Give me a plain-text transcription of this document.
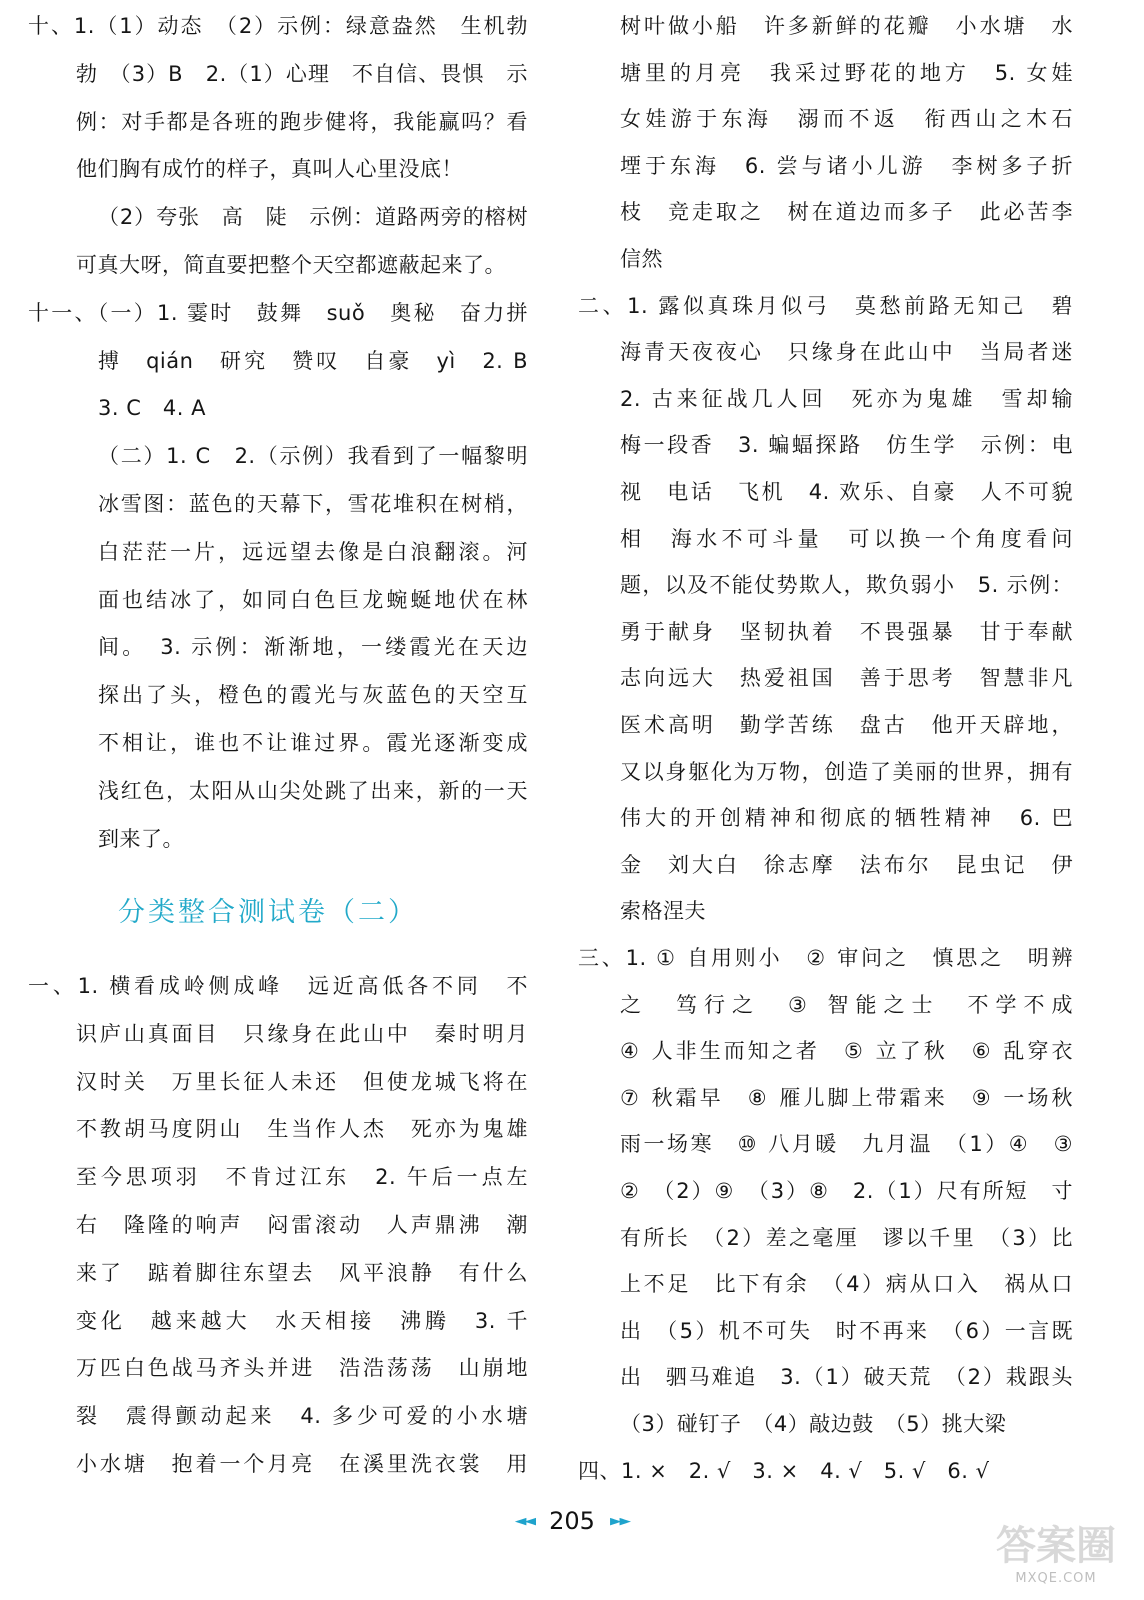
十、1.（1）动态　（2）示例：绿意盎然　生机勃
勃　（3）B　2.（1）心理　不自信、畏惧　示
例：对手都是各班的跑步健将，我能赢吗？看
他们胸有成竹的样子，真叫人心里没底！
（2）夸张　高　陡　示例：道路两旁的榕树
可真大呀，简直要把整个天空都遮蔽起来了。
十一、（一）1. 霎时　鼓舞　suǒ　奥秘　奋力拼
搏　qián　研究　赞叹　自豪　yì　2. B
3. C　4. A
（二）1. C　2.（示例）我看到了一幅黎明
冰雪图：蓝色的天幕下，雪花堆积在树梢，
白茫茫一片，远远望去像是白浪翻滚。河
面也结冰了，如同白色巨龙蜿蜒地伏在林
间。　3. 示例：渐渐地，一缕霞光在天边
探出了头，橙色的霞光与灰蓝色的天空互
不相让，谁也不让谁过界。霞光逐渐变成
浅红色，太阳从山尖处跳了出来，新的一天
到来了。
一、1. 横看成岭侧成峰　远近高低各不同　不
识庐山真面目　只缘身在此山中　秦时明月
汉时关　万里长征人未还　但使龙城飞将在
不教胡马度阴山　生当作人杰　死亦为鬼雄
至今思项羽　不肯过江东　2. 午后一点左
右　隆隆的响声　闷雷滚动　人声鼎沸　潮
来了　踮着脚往东望去　风平浪静　有什么
变化　越来越大　水天相接　沸腾　3. 千
万匹白色战马齐头并进　浩浩荡荡　山崩地
裂　震得颤动起来　4. 多少可爱的小水塘
小水塘　抱着一个月亮　在溪里洗衣裳　用
分类整合测试卷（二）
树叶做小船　许多新鲜的花瓣　小水塘　水
塘里的月亮　我采过野花的地方　5. 女娃
女娃游于东海　溺而不返　衔西山之木石
堙于东海　6. 尝与诸小儿游　李树多子折
枝　竞走取之　树在道边而多子　此必苦李
信然
二、1. 露似真珠月似弓　莫愁前路无知己　碧
海青天夜夜心　只缘身在此山中　当局者迷
2. 古来征战几人回　死亦为鬼雄　雪却输
梅一段香　3. 蝙蝠探路　仿生学　示例：电
视　电话　飞机　4. 欢乐、自豪　人不可貌
相　海水不可斗量　可以换一个角度看问
题，以及不能仗势欺人，欺负弱小　5. 示例：
勇于献身　坚韧执着　不畏强暴　甘于奉献
志向远大　热爱祖国　善于思考　智慧非凡
医术高明　勤学苦练　盘古　他开天辟地，
又以身躯化为万物，创造了美丽的世界，拥有
伟大的开创精神和彻底的牺牲精神　6. 巴
金　刘大白　徐志摩　法布尔　昆虫记　伊
索格涅夫
三、1. ① 自用则小　② 审问之　慎思之　明辨
之　笃行之　③ 智能之士　不学不成
④ 人非生而知之者　⑤ 立了秋　⑥ 乱穿衣
⑦ 秋霜早　⑧ 雁儿脚上带霜来　⑨ 一场秋
雨一场寒　⑩ 八月暖　九月温　（1）④　③
②　（2）⑨　（3）⑧　2.（1）尺有所短　寸
有所长　（2）差之毫厘　谬以千里　（3）比
上不足　比下有余　（4）病从口入　祸从口
出　（5）机不可失　时不再来　（6）一言既
出　驷马难追　3.（1）破天荒　（2）栽跟头
（3）碰钉子　（4）敲边鼓　（5）挑大梁
四、1. ×　2. √　3. ×　4. √　5. √　6. √
◄◄ 205 ►►
答案圈
MXQE.COM
